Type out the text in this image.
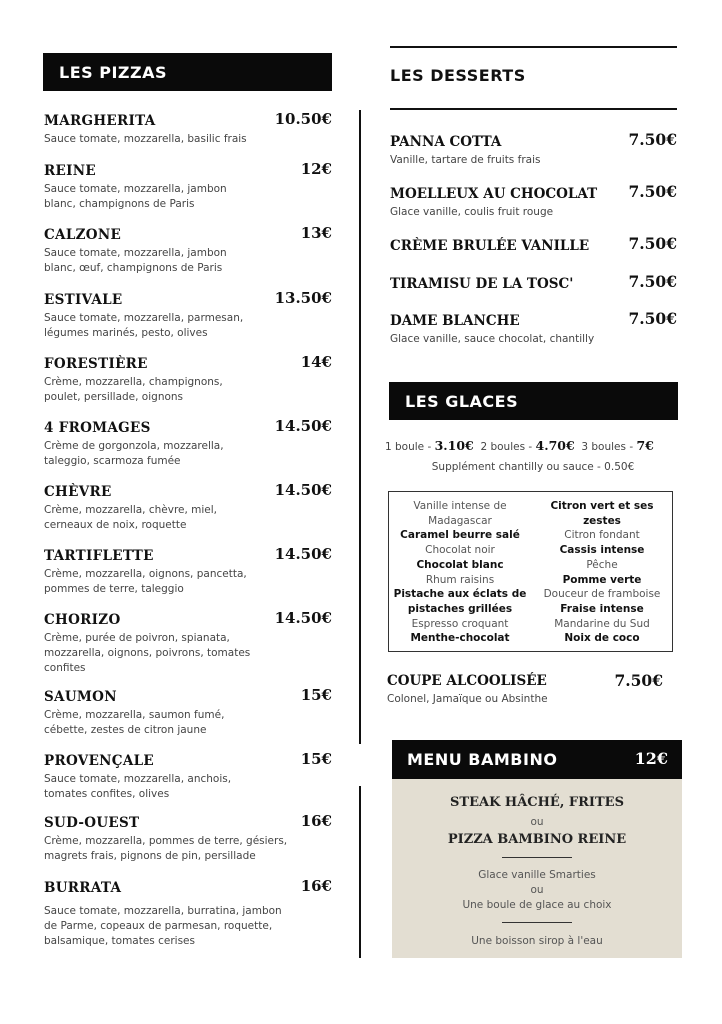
LES PIZZAS
MARGHERITA	10.50€
Sauce tomate, mozzarella, basilic frais
REINE	12€
Sauce tomate, mozzarella, jambon blanc, champignons de Paris
CALZONE	13€
Sauce tomate, mozzarella, jambon blanc, œuf, champignons de Paris
ESTIVALE	13.50€
Sauce tomate, mozzarella, parmesan, légumes marinés, pesto, olives
FORESTIÈRE	14€
Crème, mozzarella, champignons, poulet, persillade, oignons
4 FROMAGES	14.50€
Crème de gorgonzola, mozzarella, taleggio, scarmoza fumée
CHÈVRE	14.50€
Crème, mozzarella, chèvre, miel, cerneaux de noix, roquette
TARTIFLETTE	14.50€
Crème, mozzarella, oignons, pancetta, pommes de terre, taleggio
CHORIZO	14.50€
Crème, purée de poivron, spianata, mozzarella, oignons, poivrons, tomates confites
SAUMON	15€
Crème, mozzarella, saumon fumé, cébette, zestes de citron jaune
PROVENÇALE	15€
Sauce tomate, mozzarella, anchois, tomates confites, olives
SUD-OUEST	16€
Crème, mozzarella, pommes de terre, gésiers, magrets frais, pignons de pin, persillade
BURRATA	16€
Sauce tomate, mozzarella, burratina, jambon de Parme, copeaux de parmesan, roquette, balsamique, tomates cerises
LES DESSERTS
PANNA COTTA	7.50€
Vanille, tartare de fruits frais
MOELLEUX AU CHOCOLAT	7.50€
Glace vanille, coulis fruit rouge
CRÈME BRULÉE VANILLE	7.50€
TIRAMISU DE LA TOSC'	7.50€
DAME BLANCHE	7.50€
Glace vanille, sauce chocolat, chantilly
LES GLACES
1 boule - 3.10€ 2 boules - 4.70€ 3 boules - 7€
Supplément chantilly ou sauce - 0.50€
Vanille intense de
Madagascar
Caramel beurre salé
Chocolat noir
Chocolat blanc
Rhum raisins
Pistache aux éclats de
pistaches grillées
Espresso croquant
Menthe-chocolat
Citron vert et ses
zestes
Citron fondant
Cassis intense
Pêche
Pomme verte
Douceur de framboise
Fraise intense
Mandarine du Sud
Noix de coco
COUPE ALCOOLISÉE	7.50€
Colonel, Jamaïque ou Absinthe
MENU BAMBINO	12€
STEAK HÂCHÉ, FRITES
ou
PIZZA BAMBINO REINE
Glace vanille Smarties
ou
Une boule de glace au choix
Une boisson sirop à l'eau
